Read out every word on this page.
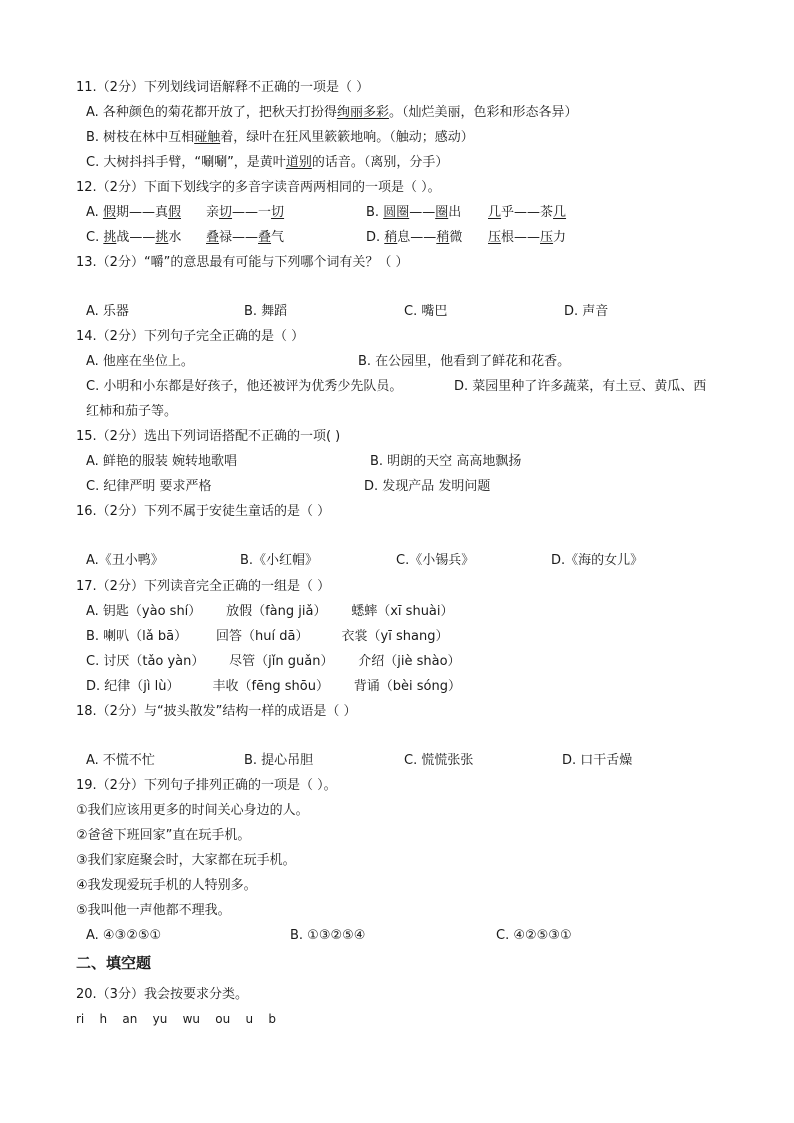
11.（2分）下列划线词语解释不正确的一项是（ ）
A. 各种颜色的菊花都开放了，把秋天打扮得绚丽多彩。（灿烂美丽，色彩和形态各异）
B. 树枝在林中互相碰触着，绿叶在狂风里簌簌地响。（触动；感动）
C. 大树抖抖手臂，“唰唰”，是黄叶道别的话音。（离别，分手）
12.（2分）下面下划线字的多音字读音两两相同的一项是（ ）。
A. 假期——真假 亲切——一切	B. 圆圈——圈出 几乎——茶几
C. 挑战——挑水 叠禄——叠气	D. 稍息——稍微 压根——压力
13.（2分）“嚼”的意思最有可能与下列哪个词有关？（ ）
A. 乐器	B. 舞蹈	C. 嘴巴	D. 声音
14.（2分）下列句子完全正确的是（ ）
A. 他座在坐位上。	B. 在公园里，他看到了鲜花和花香。
C. 小明和小东都是好孩子，他还被评为优秀少先队员。	D. 菜园里种了许多蔬菜，有土豆、黄瓜、西
红柿和茄子等。
15.（2分）选出下列词语搭配不正确的一项( )
A. 鲜艳的服装 婉转地歌唱	B. 明朗的天空 高高地飘扬
C. 纪律严明 要求严格	D. 发现产品 发明问题
16.（2分）下列不属于安徒生童话的是（ ）
A.《丑小鸭》	B.《小红帽》	C.《小锡兵》	D.《海的女儿》
17.（2分）下列读音完全正确的一组是（ ）
A. 钥匙（yào shí）      放假（fàng jiǎ）      蟋蟀（xī shuài）
B. 喇叭（lǎ bā）       回答（huí dā）        衣裳（yī shang）
C. 讨厌（tǎo yàn）      尽管（jǐn guǎn）      介绍（jiè shào）
D. 纪律（jì lù）        丰收（fēng shōu）      背诵（bèi sóng）
18.（2分）与“披头散发”结构一样的成语是（ ）
A. 不慌不忙	B. 提心吊胆	C. 慌慌张张	D. 口干舌燥
19.（2分）下列句子排列正确的一项是（ ）。
①我们应该用更多的时间关心身边的人。
②爸爸下班回家”直在玩手机。
③我们家庭聚会时，大家都在玩手机。
④我发现爱玩手机的人特别多。
⑤我叫他一声他都不理我。
A. ④③②⑤①	B. ①③②⑤④	C. ④②⑤③①
二、填空题
20.（3分）我会按要求分类。
ri    h    an    yu    wu    ou    u    b
